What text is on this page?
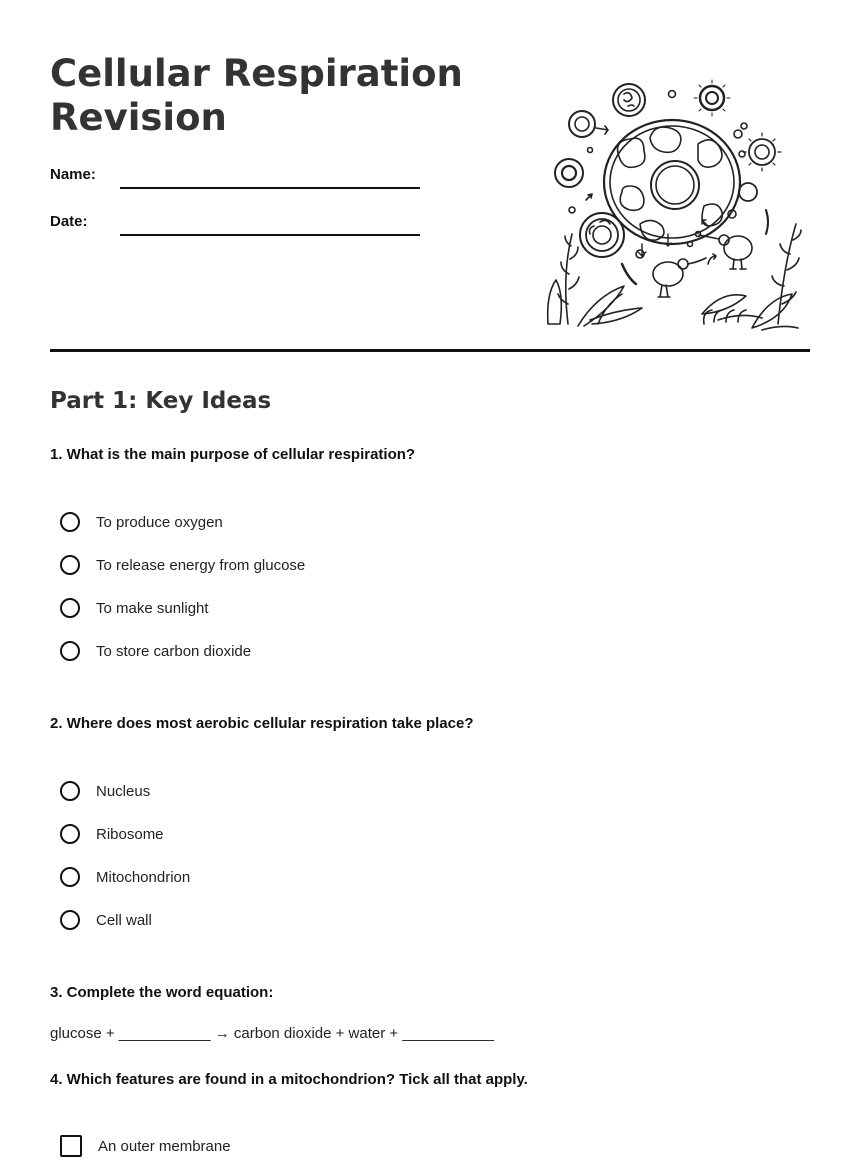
Cellular Respiration
Revision
Name:
Date:
Part 1: Key Ideas

1. What is the main purpose of cellular respiration?

To produce oxygen
To release energy from glucose
To make sunlight
To store carbon dioxide

2. Where does most aerobic cellular respiration take place?

Nucleus
Ribosome
Mitochondrion
Cell wall

3. Complete the word equation:

glucose + ___________ → carbon dioxide + water + ___________

4. Which features are found in a mitochondrion? Tick all that apply.

An outer membrane
